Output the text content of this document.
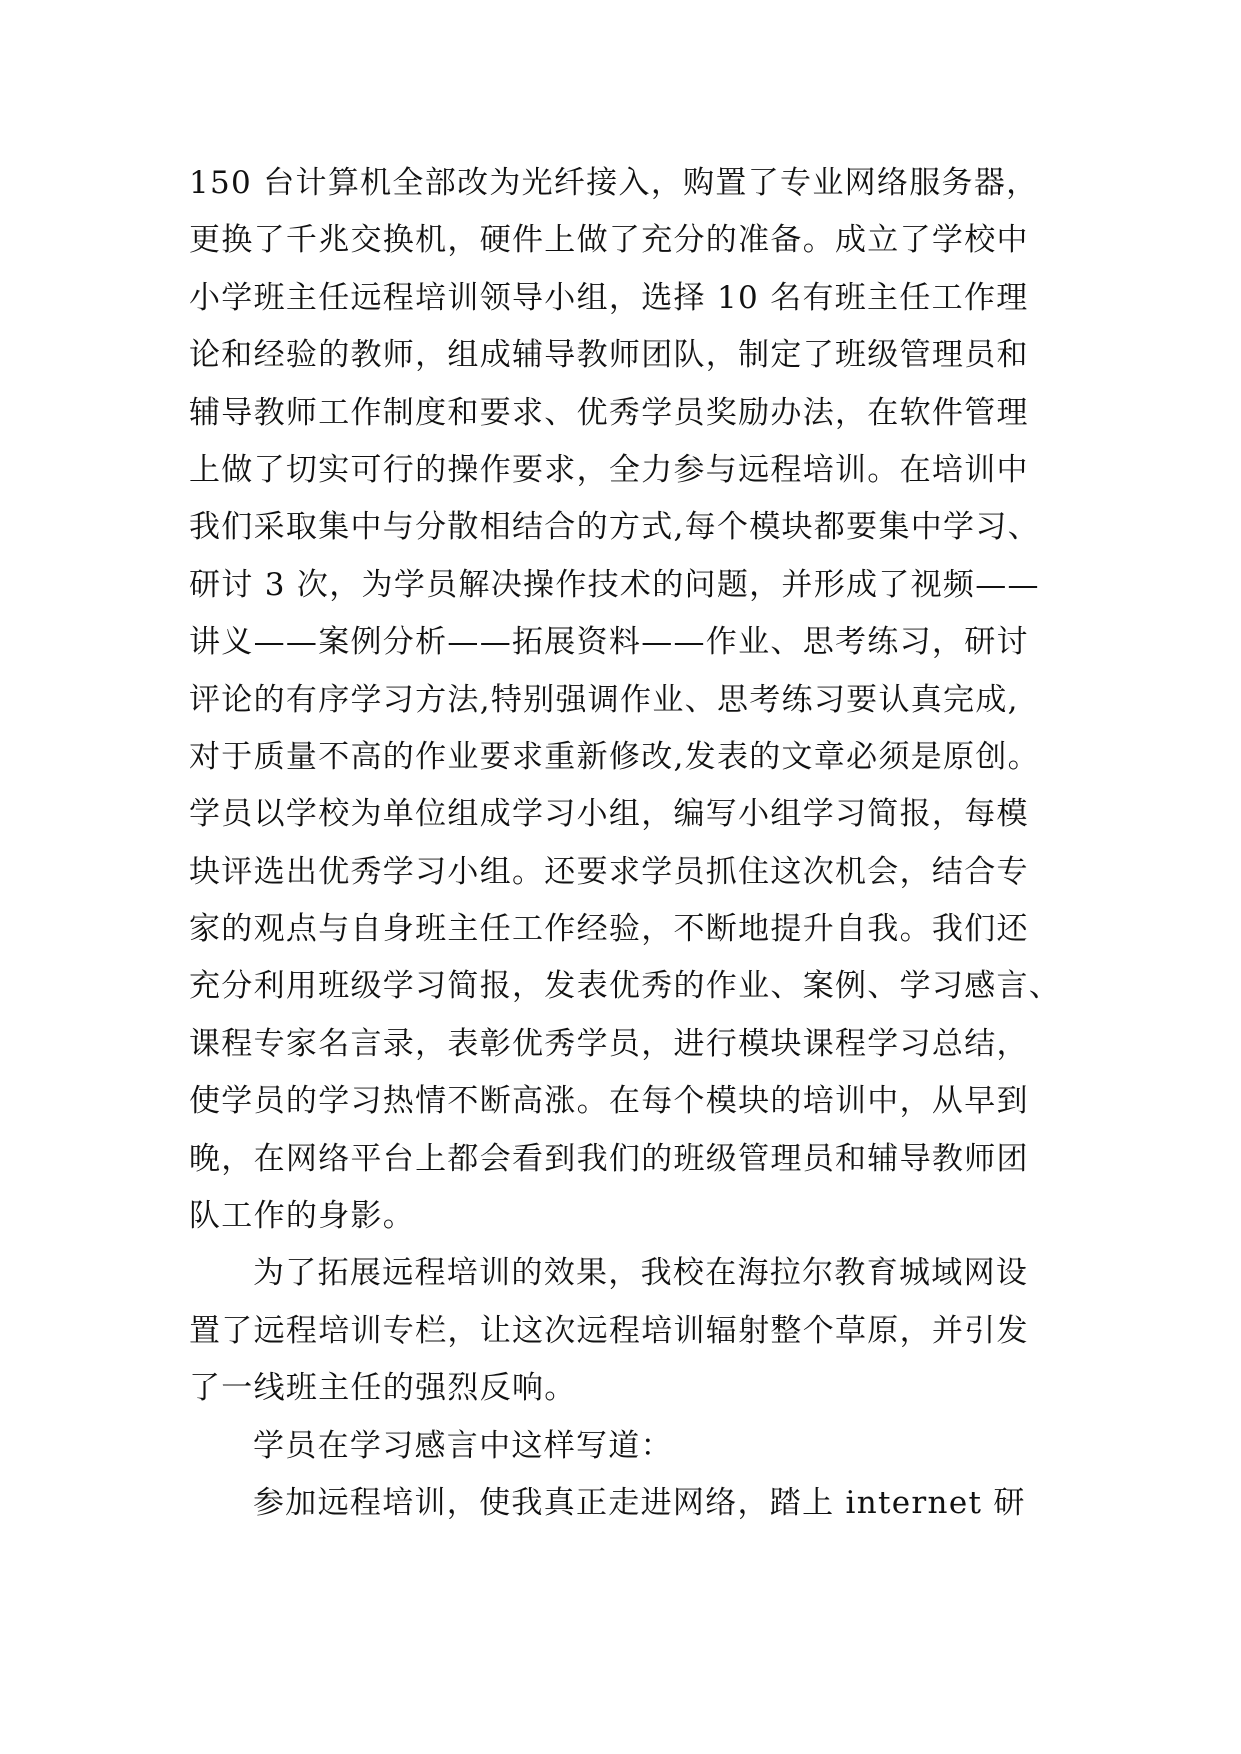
150 台计算机全部改为光纤接入，购置了专业网络服务器，
更换了千兆交换机，硬件上做了充分的准备。成立了学校中
小学班主任远程培训领导小组，选择 10 名有班主任工作理
论和经验的教师，组成辅导教师团队，制定了班级管理员和
辅导教师工作制度和要求、优秀学员奖励办法，在软件管理
上做了切实可行的操作要求，全力参与远程培训。在培训中
我们采取集中与分散相结合的方式,每个模块都要集中学习、
研讨 3 次，为学员解决操作技术的问题，并形成了视频——
讲义——案例分析——拓展资料——作业、思考练习，研讨
评论的有序学习方法,特别强调作业、思考练习要认真完成,
对于质量不高的作业要求重新修改,发表的文章必须是原创。
学员以学校为单位组成学习小组，编写小组学习简报，每模
块评选出优秀学习小组。还要求学员抓住这次机会，结合专
家的观点与自身班主任工作经验，不断地提升自我。我们还
充分利用班级学习简报，发表优秀的作业、案例、学习感言、
课程专家名言录，表彰优秀学员，进行模块课程学习总结，
使学员的学习热情不断高涨。在每个模块的培训中，从早到
晚，在网络平台上都会看到我们的班级管理员和辅导教师团
队工作的身影。
为了拓展远程培训的效果，我校在海拉尔教育城域网设
置了远程培训专栏，让这次远程培训辐射整个草原，并引发
了一线班主任的强烈反响。
学员在学习感言中这样写道：
参加远程培训，使我真正走进网络，踏上 internet 研
